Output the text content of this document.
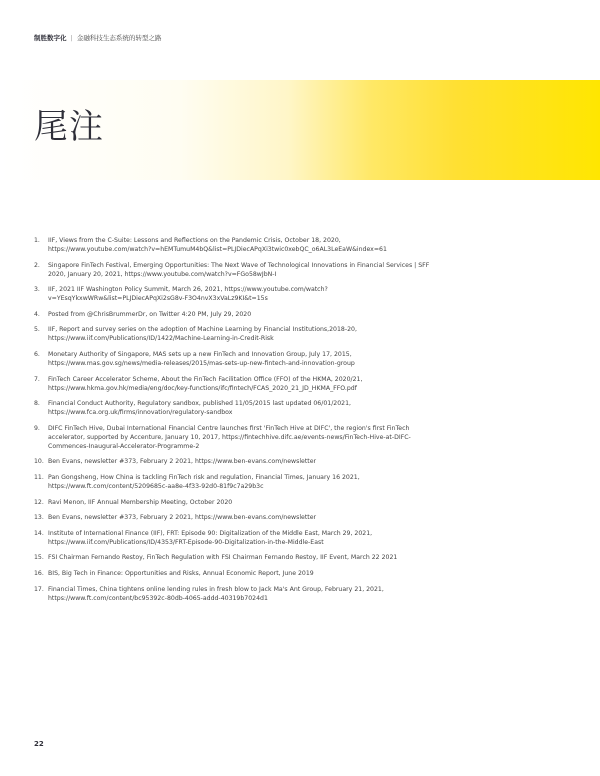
制胜数字化 | 金融科技生态系统的转型之路
尾注
1.	IIF, Views from the C-Suite: Lessons and Reflections on the Pandemic Crisis, October 18, 2020, https://www.youtube.com/watch?v=hEMTumuM4bQ&list=PLJDiecAPqXi3twic0xebQC_o6AL3LeEaW&index=61
2.	Singapore FinTech Festival, Emerging Opportunities: The Next Wave of Technological Innovations in Financial Services | SFF 2020, January 20, 2021, https://www.youtube.com/watch?v=FGo58wJbN-I
3.	IIF, 2021 IIF Washington Policy Summit, March 26, 2021, https://www.youtube.com/watch?v=YEsqYkxwWRw&list=PLJDiecAPqXi2sG8v-F3O4nvX3xVaLz9KI&t=15s
4.	Posted from @ChrisBrummerDr, on Twitter 4:20 PM, July 29, 2020
5.	IIF, Report and survey series on the adoption of Machine Learning by Financial Institutions,2018-20, https://www.iif.com/Publications/ID/1422/Machine-Learning-in-Credit-Risk
6.	Monetary Authority of Singapore, MAS sets up a new FinTech and Innovation Group, July 17, 2015, https://www.mas.gov.sg/news/media-releases/2015/mas-sets-up-new-fintech-and-innovation-group
7.	FinTech Career Accelerator Scheme, About the FinTech Facilitation Office (FFO) of the HKMA, 2020/21, https://www.hkma.gov.hk/media/eng/doc/key-functions/ifc/fintech/FCAS_2020_21_JD_HKMA_FFO.pdf
8.	Financial Conduct Authority, Regulatory sandbox, published 11/05/2015 last updated 06/01/2021, https://www.fca.org.uk/firms/innovation/regulatory-sandbox
9.	DIFC FinTech Hive, Dubai International Financial Centre launches first 'FinTech Hive at DIFC', the region's first FinTech accelerator, supported by Accenture, January 10, 2017, https://fintechhive.difc.ae/events-news/FinTech-Hive-at-DIFC-Commences-Inaugural-Accelerator-Programme-2
10. Ben Evans, newsletter #373, February 2 2021, https://www.ben-evans.com/newsletter
11. Pan Gongsheng, How China is tackling FinTech risk and regulation, Financial Times, January 16 2021, https://www.ft.com/content/5209685c-aa8e-4f33-92d0-81f9c7a29b3c
12. Ravi Menon, IIF Annual Membership Meeting, October 2020
13. Ben Evans, newsletter #373, February 2 2021, https://www.ben-evans.com/newsletter
14. Institute of International Finance (IIF), FRT: Episode 90: Digitalization of the Middle East, March 29, 2021, https://www.iif.com/Publications/ID/4353/FRT-Episode-90-Digitalization-in-the-Middle-East
15. FSI Chairman Fernando Restoy, FinTech Regulation with FSI Chairman Fernando Restoy, IIF Event, March 22 2021
16. BIS, Big Tech in Finance: Opportunities and Risks, Annual Economic Report, June 2019
17. Financial Times, China tightens online lending rules in fresh blow to Jack Ma's Ant Group, February 21, 2021, https://www.ft.com/content/bc95392c-80db-4065-addd-40319b7024d1
22
